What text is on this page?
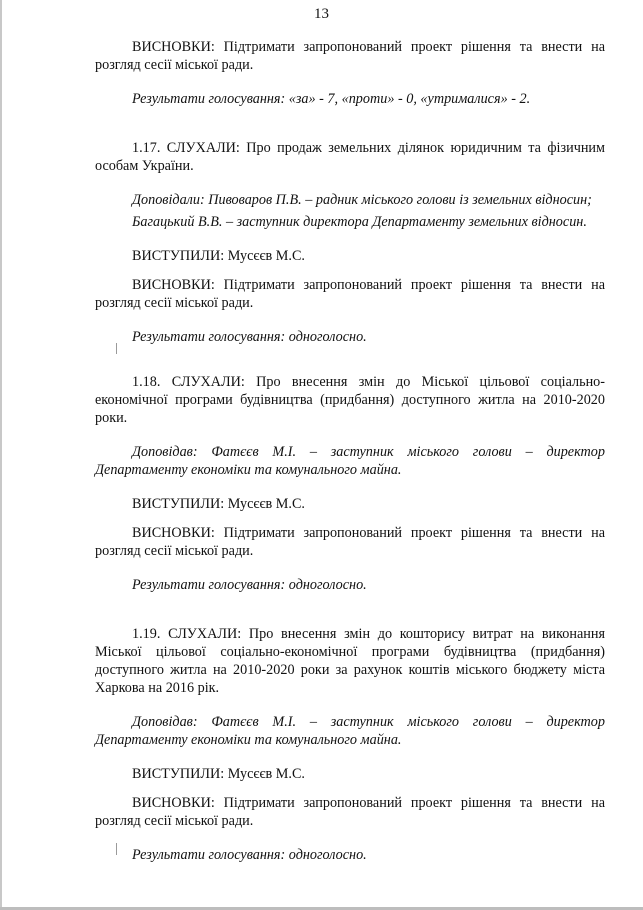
13

ВИСНОВКИ: Підтримати запропонований проект рішення та внести на розгляд сесії міської ради.

Результати голосування: «за» - 7, «проти» - 0, «утрималися» - 2.

1.17. СЛУХАЛИ: Про продаж земельних ділянок юридичним та фізичним особам України.

Доповідали: Пивоваров П.В. – радник міського голови із земельних відносин;

Багацький В.В. – заступник директора Департаменту земельних відносин.

ВИСТУПИЛИ: Мусєєв М.С.

ВИСНОВКИ: Підтримати запропонований проект рішення та внести на розгляд сесії міської ради.

Результати голосування: одноголосно.

1.18. СЛУХАЛИ: Про внесення змін до Міської цільової соціально-економічної програми будівництва (придбання) доступного житла на 2010-2020 роки.

Доповідав: Фатєєв М.І. – заступник міського голови – директор Департаменту економіки та комунального майна.

ВИСТУПИЛИ: Мусєєв М.С.

ВИСНОВКИ: Підтримати запропонований проект рішення та внести на розгляд сесії міської ради.

Результати голосування: одноголосно.

1.19. СЛУХАЛИ: Про внесення змін до кошторису витрат на виконання Міської цільової соціально-економічної програми будівництва (придбання) доступного житла на 2010-2020 роки за рахунок коштів міського бюджету міста Харкова на 2016 рік.

Доповідав: Фатєєв М.І. – заступник міського голови – директор Департаменту економіки та комунального майна.

ВИСТУПИЛИ: Мусєєв М.С.

ВИСНОВКИ: Підтримати запропонований проект рішення та внести на розгляд сесії міської ради.

Результати голосування: одноголосно.
